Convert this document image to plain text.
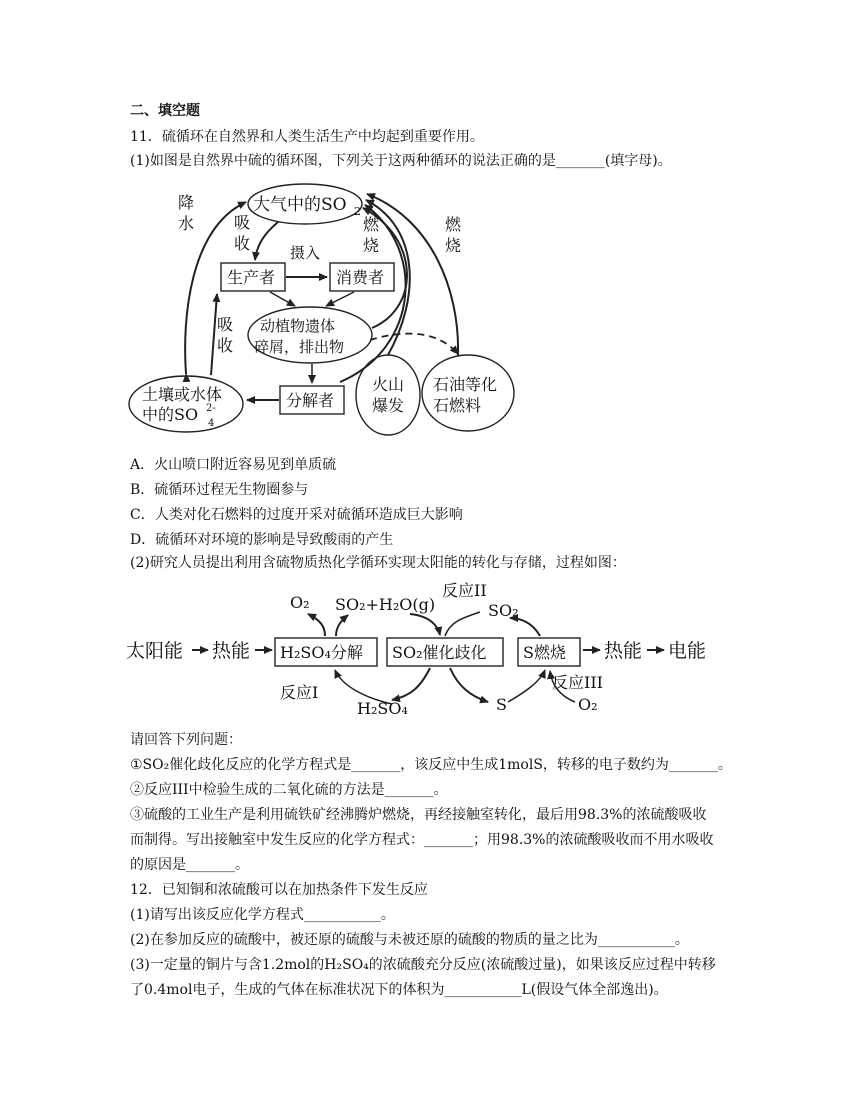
二、填空题
11．硫循环在自然界和人类生活生产中均起到重要作用。
(1)如图是自然界中硫的循环图，下列关于这两种循环的说法正确的是_______(填字母)。
大气中的SO 2
生产者	消费者
摄入
动植物遗体
碎屑，排出物
土壤或水体
中的SO 2-
4
分解者
火山
爆发
石油等化
石燃料
降
水 吸
收
吸
收
燃
烧
燃
烧
A．火山喷口附近容易见到单质硫
B．硫循环过程无生物圈参与
C．人类对化石燃料的过度开采对硫循环造成巨大影响
D．硫循环对环境的影响是导致酸雨的产生
(2)研究人员提出利用含硫物质热化学循环实现太阳能的转化与存储，过程如图：
太阳能 热能 H₂SO₄分解 SO₂催化歧化 S燃烧 热能 电能
O₂ SO₂+H₂O(g)
反应II
SO₂
反应I
H₂SO₄	S
反应III
O₂
请回答下列问题：
①SO₂催化歧化反应的化学方程式是_______，该反应中生成1molS，转移的电子数约为_______。
②反应III中检验生成的二氧化硫的方法是_______。
③硫酸的工业生产是利用硫铁矿经沸腾炉燃烧，再经接触室转化，最后用98.3%的浓硫酸吸收
而制得。写出接触室中发生反应的化学方程式：_______；用98.3%的浓硫酸吸收而不用水吸收
的原因是_______。
12．已知铜和浓硫酸可以在加热条件下发生反应
(1)请写出该反应化学方程式___________。
(2)在参加反应的硫酸中，被还原的硫酸与未被还原的硫酸的物质的量之比为___________。
(3)一定量的铜片与含1.2mol的H₂SO₄的浓硫酸充分反应(浓硫酸过量)，如果该反应过程中转移
了0.4mol电子，生成的气体在标准状况下的体积为___________L(假设气体全部逸出)。
